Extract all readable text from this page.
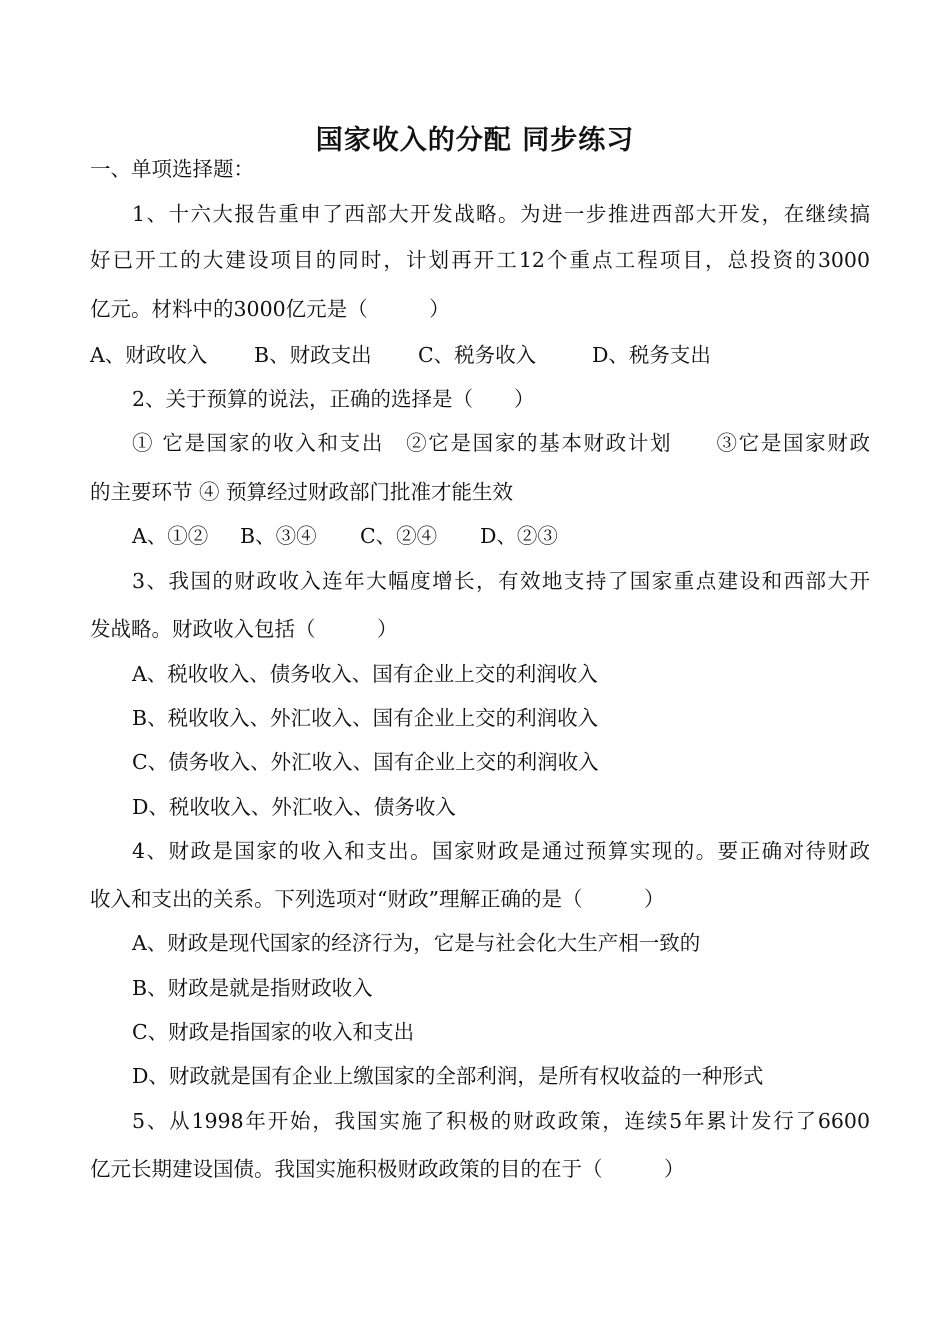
国家收入的分配 同步练习
一、单项选择题：
1、十六大报告重申了西部大开发战略。为进一步推进西部大开发，在继续搞
好已开工的大建设项目的同时，计划再开工12个重点工程项目，总投资的3000
亿元。材料中的3000亿元是（　　　）
A、财政收入 B、财政支出 C、税务收入	D、税务支出
2、关于预算的说法，正确的选择是（　　）
① 它是国家的收入和支出　②它是国家的基本财政计划　　③它是国家财政
的主要环节 ④ 预算经过财政部门批准才能生效
A、①② B、③④ C、②④ D、②③
3、我国的财政收入连年大幅度增长，有效地支持了国家重点建设和西部大开
发战略。财政收入包括（　　　）
A、税收收入、债务收入、国有企业上交的利润收入
B、税收收入、外汇收入、国有企业上交的利润收入
C、债务收入、外汇收入、国有企业上交的利润收入
D、税收收入、外汇收入、债务收入
4、财政是国家的收入和支出。国家财政是通过预算实现的。要正确对待财政
收入和支出的关系。下列选项对“财政”理解正确的是（　　　）
A、财政是现代国家的经济行为，它是与社会化大生产相一致的
B、财政是就是指财政收入
C、财政是指国家的收入和支出
D、财政就是国有企业上缴国家的全部利润，是所有权收益的一种形式
5、从1998年开始，我国实施了积极的财政政策，连续5年累计发行了6600
亿元长期建设国债。我国实施积极财政政策的目的在于（　　　）
